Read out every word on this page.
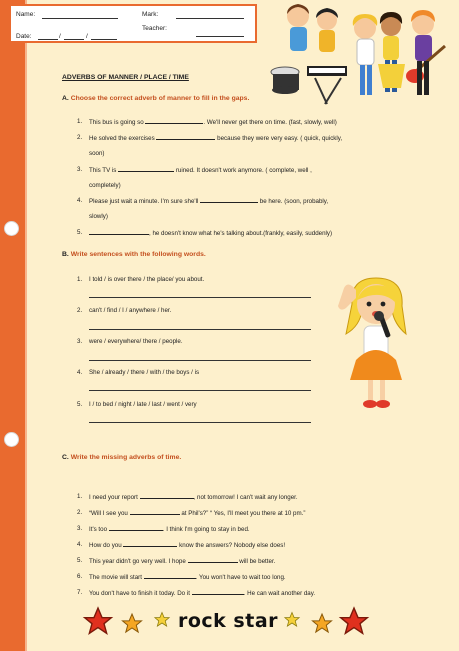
Name:	Mark:
Teacher:
Date:	/	/
ADVERBS OF MANNER / PLACE / TIME
A. Choose the correct adverb of manner to fill in the gaps.
1. This bus is going so	. We'll never get there on time. (fast, slowly, well)
2. He solved the exercises	because they were very easy. ( quick, quickly,
soon)
3. This TV is	ruined. It doesn't work anymore. ( complete, well ,
completely)
4. Please just wait a minute. I'm sure she'll	be here. (soon, probably,
slowly)
5.	, he doesn't know what he's talking about.(frankly, easily, suddenly)
B. Write sentences with the following words.
1. I told / is over there / the place/ you about.
2. can't / find / I / anywhere / her.
3. were / everywhere/ there / people.
4. She / already / there / with / the boys / is
5. I / to bed / night / late / last / went / very
C. Write the missing adverbs of time.
1. I need your report	, not tomorrow! I can't wait any longer.
2. “Will I see you	at Phil's?” “ Yes, I'll meet you there at 10 pm.”
3. It's too	. I think I'm going to stay in bed.
4. How do you	know the answers? Nobody else does!
5. This year didn't go very well. I hope	will be better.
6. The movie will start	. You won't have to wait too long.
7. You don't have to finish it today. Do it	. He can wait another day.
rock star
